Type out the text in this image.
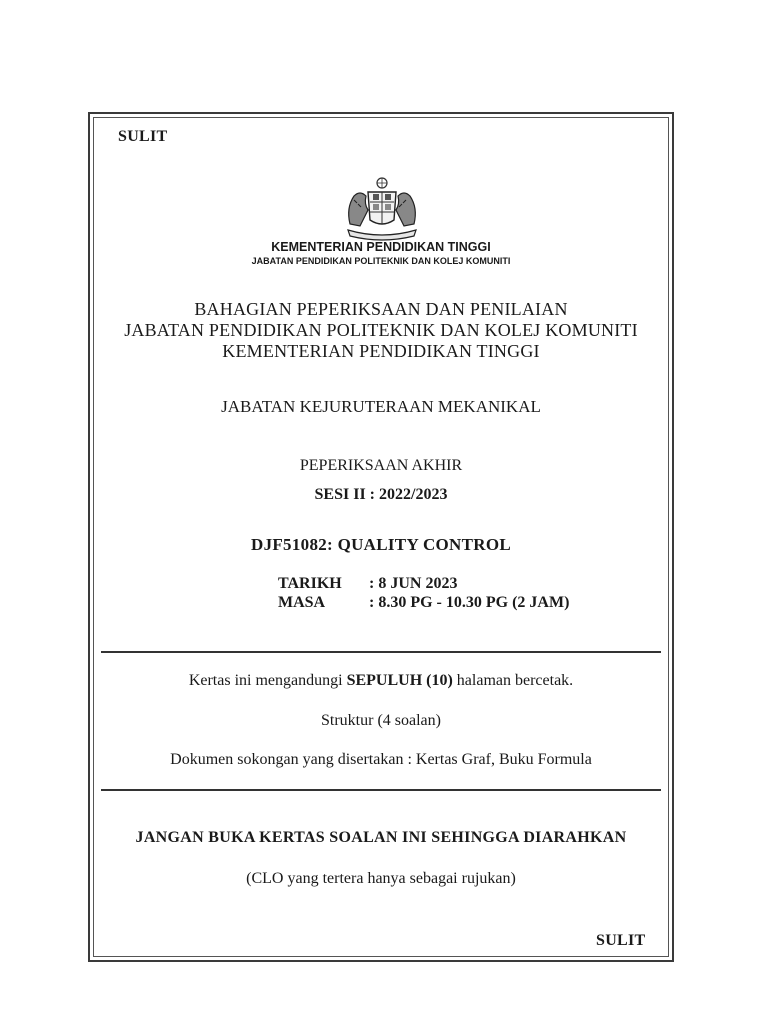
SULIT
KEMENTERIAN PENDIDIKAN TINGGI
JABATAN PENDIDIKAN POLITEKNIK DAN KOLEJ KOMUNITI
BAHAGIAN PEPERIKSAAN DAN PENILAIAN
JABATAN PENDIDIKAN POLITEKNIK DAN KOLEJ KOMUNITI
KEMENTERIAN PENDIDIKAN TINGGI
JABATAN KEJURUTERAAN MEKANIKAL
PEPERIKSAAN AKHIR
SESI II : 2022/2023
DJF51082: QUALITY CONTROL
TARIKH : 8 JUN 2023
MASA	: 8.30 PG - 10.30 PG (2 JAM)
Kertas ini mengandungi SEPULUH (10) halaman bercetak.
Struktur (4 soalan)
Dokumen sokongan yang disertakan : Kertas Graf, Buku Formula
JANGAN BUKA KERTAS SOALAN INI SEHINGGA DIARAHKAN
(CLO yang tertera hanya sebagai rujukan)
SULIT
